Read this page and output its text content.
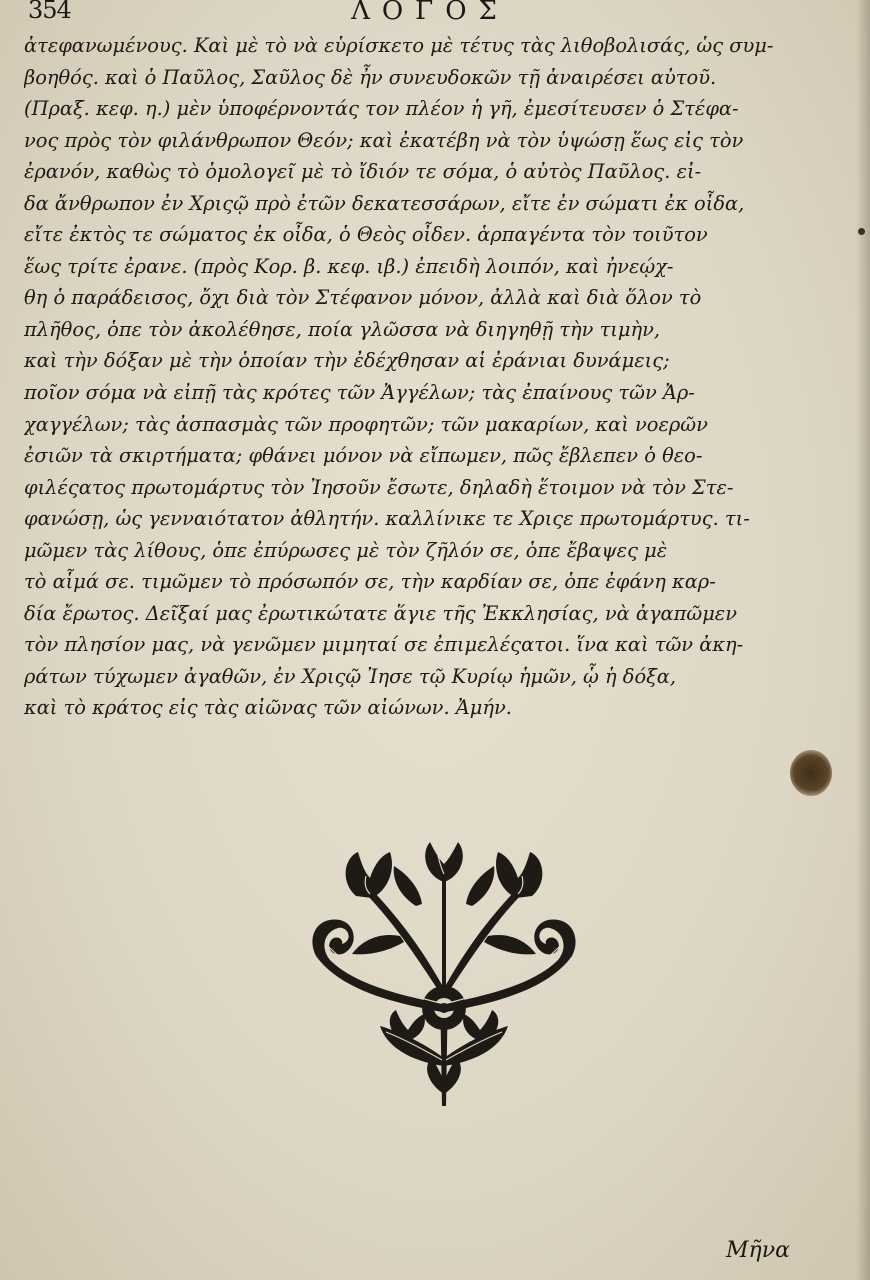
354	ΛΟΓΟΣ
ἀτεφανωμένους. Καὶ μὲ τὸ νὰ εὑρίσκετο μὲ τέτυς τὰς λιθοβολισάς, ὡς συμ-
βοηθός. καὶ ὁ Παῦλος, Σαῦλος δὲ ἦν συνευδοκῶν τῇ ἀναιρέσει αὐτοῦ.
(Πραξ. κεφ. η.) μὲν ὑποφέρνοντάς τον πλέον ἡ γῆ, ἐμεσίτευσεν ὁ Στέφα-
νος πρὸς τὸν φιλάνθρωπον Θεόν; καὶ ἐκατέβη νὰ τὸν ὑψώσῃ ἕως εἰς τὸν
ἐρανόν, καθὼς τὸ ὁμολογεῖ μὲ τὸ ἴδιόν τε σόμα, ὁ αὐτὸς Παῦλος. εἰ-
δα ἄνθρωπον ἐν Χριςῷ πρὸ ἐτῶν δεκατεσσάρων, εἴτε ἐν σώματι ἐκ οἶδα,
εἴτε ἐκτὸς τε σώματος ἐκ οἶδα, ὁ Θεὸς οἶδεν. ἁρπαγέντα τὸν τοιῦτον
ἕως τρίτε ἐρανε. (πρὸς Κορ. β. κεφ. ιβ.) ἐπειδὴ λοιπόν, καὶ ἠνεῴχ-
θη ὁ παράδεισος, ὄχι διὰ τὸν Στέφανον μόνον, ἀλλὰ καὶ διὰ ὅλον τὸ
πλῆθος, ὁπε τὸν ἀκολέθησε, ποία γλῶσσα νὰ διηγηθῇ τὴν τιμὴν,
καὶ τὴν δόξαν μὲ τὴν ὁποίαν τὴν ἐδέχθησαν αἱ ἐράνιαι δυνάμεις;
ποῖον σόμα νὰ εἰπῇ τὰς κρότες τῶν Ἀγγέλων; τὰς ἐπαίνους τῶν Ἀρ-
χαγγέλων; τὰς ἀσπασμὰς τῶν προφητῶν; τῶν μακαρίων, καὶ νοερῶν
ἐσιῶν τὰ σκιρτήματα; φθάνει μόνον νὰ εἴπωμεν, πῶς ἔβλεπεν ὁ θεο-
φιλέςατος πρωτομάρτυς τὸν Ἰησοῦν ἔσωτε, δηλαδὴ ἕτοιμον νὰ τὸν Στε-
φανώσῃ, ὡς γενναιότατον ἀθλητήν. καλλίνικε τε Χριςε πρωτομάρτυς. τι-
μῶμεν τὰς λίθους, ὁπε ἐπύρωσες μὲ τὸν ζῆλόν σε, ὁπε ἔβαψες μὲ
τὸ αἷμά σε. τιμῶμεν τὸ πρόσωπόν σε, τὴν καρδίαν σε, ὁπε ἐφάνη καρ-
δία ἔρωτος. Δεῖξαί μας ἐρωτικώτατε ἅγιε τῆς Ἐκκλησίας, νὰ ἀγαπῶμεν
τὸν πλησίον μας, νὰ γενῶμεν μιμηταί σε ἐπιμελέςατοι. ἵνα καὶ τῶν ἀκη-
ράτων τύχωμεν ἀγαθῶν, ἐν Χριςῷ Ἰησε τῷ Κυρίῳ ἡμῶν, ᾧ ἡ δόξα,
καὶ τὸ κράτος εἰς τὰς αἰῶνας τῶν αἰώνων. Ἀμήν.
Μῆνα
